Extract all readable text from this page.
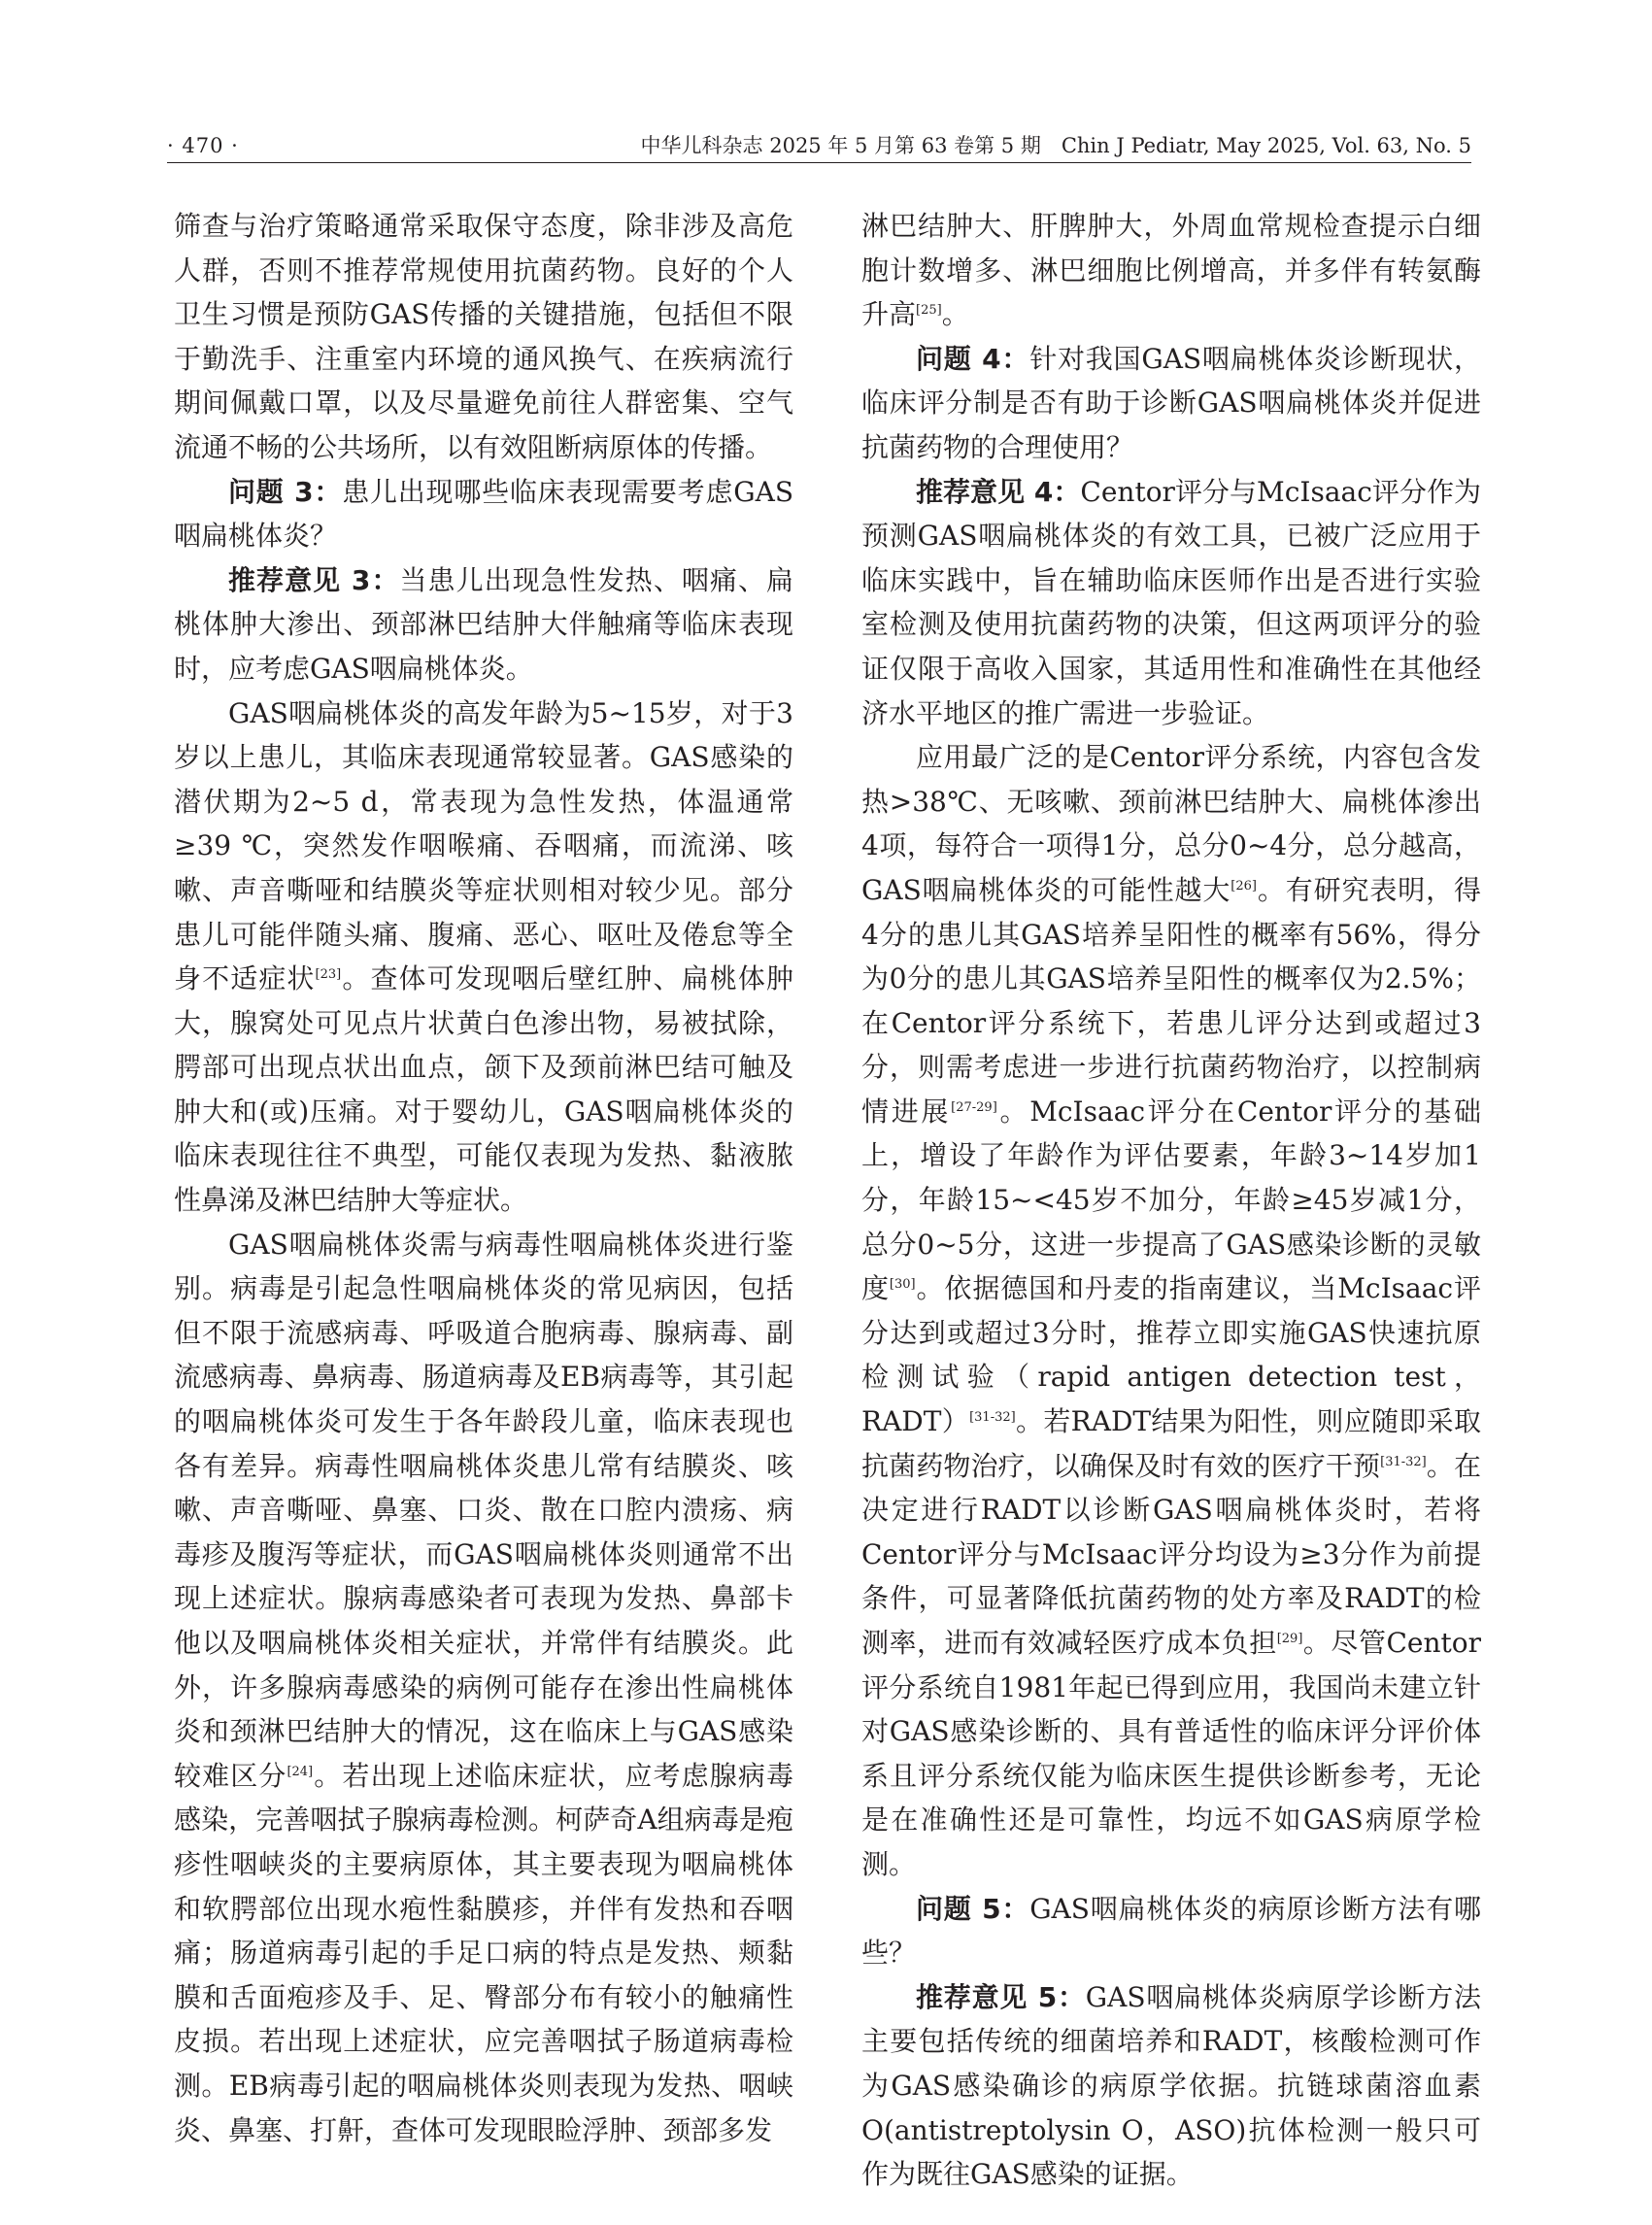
· 470 ·	中华儿科杂志 2025 年 5 月第 63 卷第 5 期　Chin J Pediatr, May 2025, Vol. 63, No. 5

筛查与治疗策略通常采取保守态度，除非涉及高危人群，否则不推荐常规使用抗菌药物。良好的个人卫生习惯是预防GAS传播的关键措施，包括但不限于勤洗手、注重室内环境的通风换气、在疾病流行期间佩戴口罩，以及尽量避免前往人群密集、空气流通不畅的公共场所，以有效阻断病原体的传播。

问题 3：患儿出现哪些临床表现需要考虑GAS咽扁桃体炎？

推荐意见 3：当患儿出现急性发热、咽痛、扁桃体肿大渗出、颈部淋巴结肿大伴触痛等临床表现时，应考虑GAS咽扁桃体炎。

GAS咽扁桃体炎的高发年龄为5~15岁，对于3岁以上患儿，其临床表现通常较显著。GAS感染的潜伏期为2~5 d，常表现为急性发热，体温通常≥39 ℃，突然发作咽喉痛、吞咽痛，而流涕、咳嗽、声音嘶哑和结膜炎等症状则相对较少见。部分患儿可能伴随头痛、腹痛、恶心、呕吐及倦怠等全身不适症状[23]。查体可发现咽后壁红肿、扁桃体肿大，腺窝处可见点片状黄白色渗出物，易被拭除，腭部可出现点状出血点，颌下及颈前淋巴结可触及肿大和(或)压痛。对于婴幼儿，GAS咽扁桃体炎的临床表现往往不典型，可能仅表现为发热、黏液脓性鼻涕及淋巴结肿大等症状。

GAS咽扁桃体炎需与病毒性咽扁桃体炎进行鉴别。病毒是引起急性咽扁桃体炎的常见病因，包括但不限于流感病毒、呼吸道合胞病毒、腺病毒、副流感病毒、鼻病毒、肠道病毒及EB病毒等，其引起的咽扁桃体炎可发生于各年龄段儿童，临床表现也各有差异。病毒性咽扁桃体炎患儿常有结膜炎、咳嗽、声音嘶哑、鼻塞、口炎、散在口腔内溃疡、病毒疹及腹泻等症状，而GAS咽扁桃体炎则通常不出现上述症状。腺病毒感染者可表现为发热、鼻部卡他以及咽扁桃体炎相关症状，并常伴有结膜炎。此外，许多腺病毒感染的病例可能存在渗出性扁桃体炎和颈淋巴结肿大的情况，这在临床上与GAS感染较难区分[24]。若出现上述临床症状，应考虑腺病毒感染，完善咽拭子腺病毒检测。柯萨奇A组病毒是疱疹性咽峡炎的主要病原体，其主要表现为咽扁桃体和软腭部位出现水疱性黏膜疹，并伴有发热和吞咽痛；肠道病毒引起的手足口病的特点是发热、颊黏膜和舌面疱疹及手、足、臀部分布有较小的触痛性皮损。若出现上述症状，应完善咽拭子肠道病毒检测。EB病毒引起的咽扁桃体炎则表现为发热、咽峡炎、鼻塞、打鼾，查体可发现眼睑浮肿、颈部多发

淋巴结肿大、肝脾肿大，外周血常规检查提示白细胞计数增多、淋巴细胞比例增高，并多伴有转氨酶升高[25]。

问题 4：针对我国GAS咽扁桃体炎诊断现状，临床评分制是否有助于诊断GAS咽扁桃体炎并促进抗菌药物的合理使用？

推荐意见 4：Centor评分与McIsaac评分作为预测GAS咽扁桃体炎的有效工具，已被广泛应用于临床实践中，旨在辅助临床医师作出是否进行实验室检测及使用抗菌药物的决策，但这两项评分的验证仅限于高收入国家，其适用性和准确性在其他经济水平地区的推广需进一步验证。

应用最广泛的是Centor评分系统，内容包含发热>38℃、无咳嗽、颈前淋巴结肿大、扁桃体渗出4项，每符合一项得1分，总分0~4分，总分越高，GAS咽扁桃体炎的可能性越大[26]。有研究表明，得4分的患儿其GAS培养呈阳性的概率有56%，得分为0分的患儿其GAS培养呈阳性的概率仅为2.5%；在Centor评分系统下，若患儿评分达到或超过3分，则需考虑进一步进行抗菌药物治疗，以控制病情进展[27-29]。McIsaac评分在Centor评分的基础上，增设了年龄作为评估要素，年龄3~14岁加1分，年龄15~<45岁不加分，年龄≥45岁减1分，总分0~5分，这进一步提高了GAS感染诊断的灵敏度[30]。依据德国和丹麦的指南建议，当McIsaac评分达到或超过3分时，推荐立即实施GAS快速抗原检测试验（rapid antigen detection test， RADT）[31-32]。若RADT结果为阳性，则应随即采取抗菌药物治疗，以确保及时有效的医疗干预[31-32]。在决定进行RADT以诊断GAS咽扁桃体炎时，若将Centor评分与McIsaac评分均设为≥3分作为前提条件，可显著降低抗菌药物的处方率及RADT的检测率，进而有效减轻医疗成本负担[29]。尽管Centor评分系统自1981年起已得到应用，我国尚未建立针对GAS感染诊断的、具有普适性的临床评分评价体系且评分系统仅能为临床医生提供诊断参考，无论是在准确性还是可靠性，均远不如GAS病原学检测。

问题 5：GAS咽扁桃体炎的病原诊断方法有哪些？

推荐意见 5：GAS咽扁桃体炎病原学诊断方法主要包括传统的细菌培养和RADT，核酸检测可作为GAS感染确诊的病原学依据。抗链球菌溶血素O(antistreptolysin O，ASO)抗体检测一般只可作为既往GAS感染的证据。
